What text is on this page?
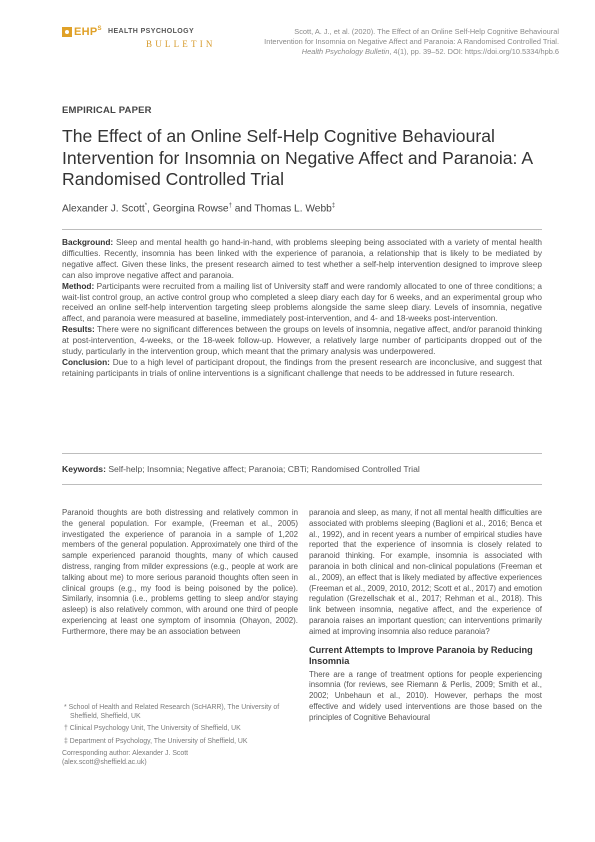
$EHP^S$ HEALTH PSYCHOLOGY
BULLETIN
Scott, A. J., et al. (2020). The Effect of an Online Self-Help Cognitive Behavioural Intervention for Insomnia on Negative Affect and Paranoia: A Randomised Controlled Trial. Health Psychology Bulletin, 4(1), pp. 39–52. DOI: https://doi.org/10.5334/hpb.6
EMPIRICAL PAPER
The Effect of an Online Self-Help Cognitive Behavioural Intervention for Insomnia on Negative Affect and Paranoia: A Randomised Controlled Trial
Alexander J. Scott*, Georgina Rowse† and Thomas L. Webb‡

Background: Sleep and mental health go hand-in-hand, with problems sleeping being associated with a variety of mental health difficulties. Recently, insomnia has been linked with the experience of paranoia, a relationship that is likely to be mediated by negative affect. Given these links, the present research aimed to test whether a self-help intervention designed to improve sleep can also improve negative affect and paranoia.

Method: Participants were recruited from a mailing list of University staff and were randomly allocated to one of three conditions; a wait-list control group, an active control group who completed a sleep diary each day for 6 weeks, and an experimental group who received an online self-help intervention targeting sleep problems alongside the same sleep diary. Levels of insomnia, negative affect, and paranoia were measured at baseline, immediately post-intervention, and 4- and 18-weeks post-intervention.

Results: There were no significant differences between the groups on levels of insomnia, negative affect, and/or paranoid thinking at post-intervention, 4-weeks, or the 18-week follow-up. However, a relatively large number of participants dropped out of the study, particularly in the intervention group, which meant that the primary analysis was underpowered.

Conclusion: Due to a high level of participant dropout, the findings from the present research are inconclusive, and suggest that retaining participants in trials of online interventions is a significant challenge that needs to be addressed in future research.

Keywords: Self-help; Insomnia; Negative affect; Paranoia; CBTi; Randomised Controlled Trial

Paranoid thoughts are both distressing and relatively common in the general population. For example, (Freeman et al., 2005) investigated the experience of paranoia in a sample of 1,202 members of the general population. Approximately one third of the sample experienced paranoid thoughts, many of which caused distress, ranging from milder expressions (e.g., people at work are talking about me) to more serious paranoid thoughts often seen in clinical groups (e.g., my food is being poisoned by the police). Similarly, insomnia (i.e., problems getting to sleep and/or staying asleep) is also relatively common, with around one third of people experiencing at least one symptom of insomnia (Ohayon, 2002). Furthermore, there may be an association between

paranoia and sleep, as many, if not all mental health difficulties are associated with problems sleeping (Baglioni et al., 2016; Benca et al., 1992), and in recent years a number of empirical studies have reported that the experience of insomnia is closely related to paranoid thinking. For example, insomnia is associated with paranoia in both clinical and non-clinical populations (Freeman et al., 2009), an effect that is likely mediated by affective experiences (Freeman et al., 2009, 2010, 2012; Scott et al., 2017) and emotion regulation (Grezellschak et al., 2017; Rehman et al., 2018). This link between insomnia, negative affect, and the experience of paranoia raises an important question; can interventions primarily aimed at improving insomnia also reduce paranoia?

Current Attempts to Improve Paranoia by Reducing Insomnia

There are a range of treatment options for people experiencing insomnia (for reviews, see Riemann & Perlis, 2009; Smith et al., 2002; Unbehaun et al., 2010). However, perhaps the most effective and widely used interventions are those based on the principles of Cognitive Behavioural

* School of Health and Related Research (ScHARR), The University of Sheffield, Sheffield, UK

† Clinical Psychology Unit, The University of Sheffield, UK

‡ Department of Psychology, The University of Sheffield, UK

Corresponding author: Alexander J. Scott

(alex.scott@sheffield.ac.uk)
